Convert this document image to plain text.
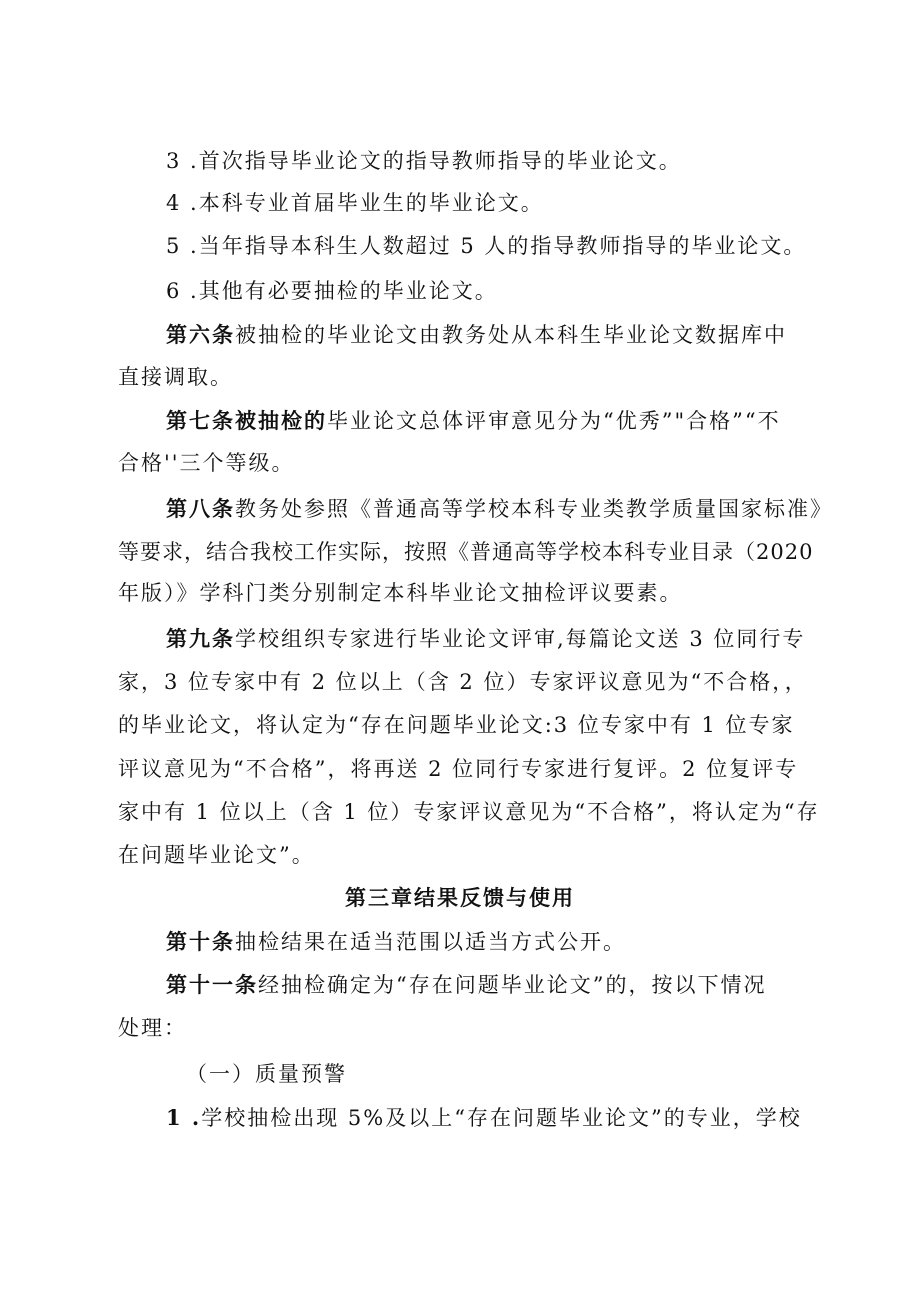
3 .首次指导毕业论文的指导教师指导的毕业论文。
4 .本科专业首届毕业生的毕业论文。
5 .当年指导本科生人数超过 5 人的指导教师指导的毕业论文。
6 .其他有必要抽检的毕业论文。
第六条被抽检的毕业论文由教务处从本科生毕业论文数据库中
直接调取。
第七条被抽检的毕业论文总体评审意见分为“优秀”"合格”“不
合格''三个等级。
第八条教务处参照《普通高等学校本科专业类教学质量国家标准》
等要求，结合我校工作实际，按照《普通高等学校本科专业目录（2020
年版）》学科门类分别制定本科毕业论文抽检评议要素。
第九条学校组织专家进行毕业论文评审,每篇论文送 3 位同行专
家，3 位专家中有 2 位以上（含 2 位）专家评议意见为“不合格，，
的毕业论文，将认定为“存在问题毕业论文:3 位专家中有 1 位专家
评议意见为“不合格”，将再送 2 位同行专家进行复评。2 位复评专
家中有 1 位以上（含 1 位）专家评议意见为“不合格”，将认定为“存
在问题毕业论文”。
第三章结果反馈与使用
第十条抽检结果在适当范围以适当方式公开。
第十一条经抽检确定为“存在问题毕业论文”的，按以下情况
处理：
（一）质量预警
1 .学校抽检出现 5%及以上“存在问题毕业论文”的专业，学校
